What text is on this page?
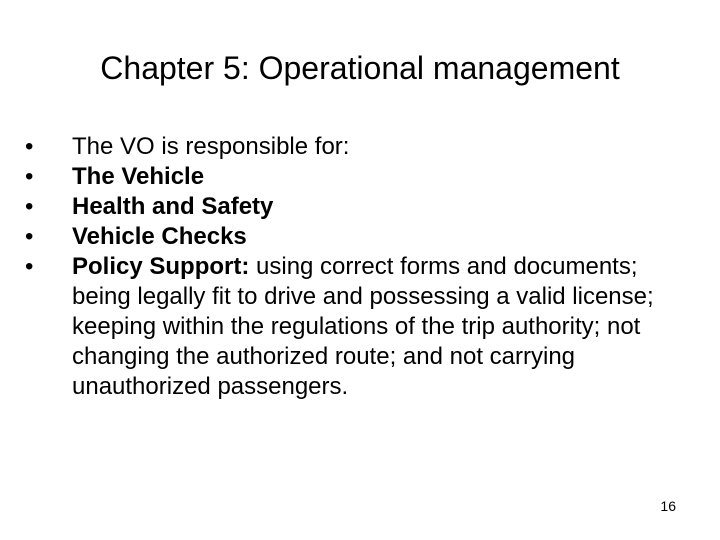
Chapter 5: Operational management
• The VO is responsible for:
• The Vehicle
• Health and Safety
• Vehicle Checks
• Policy Support: using correct forms and documents; being legally fit to drive and possessing a valid license; keeping within the regulations of the trip authority; not changing the authorized route; and not carrying unauthorized passengers.
16
